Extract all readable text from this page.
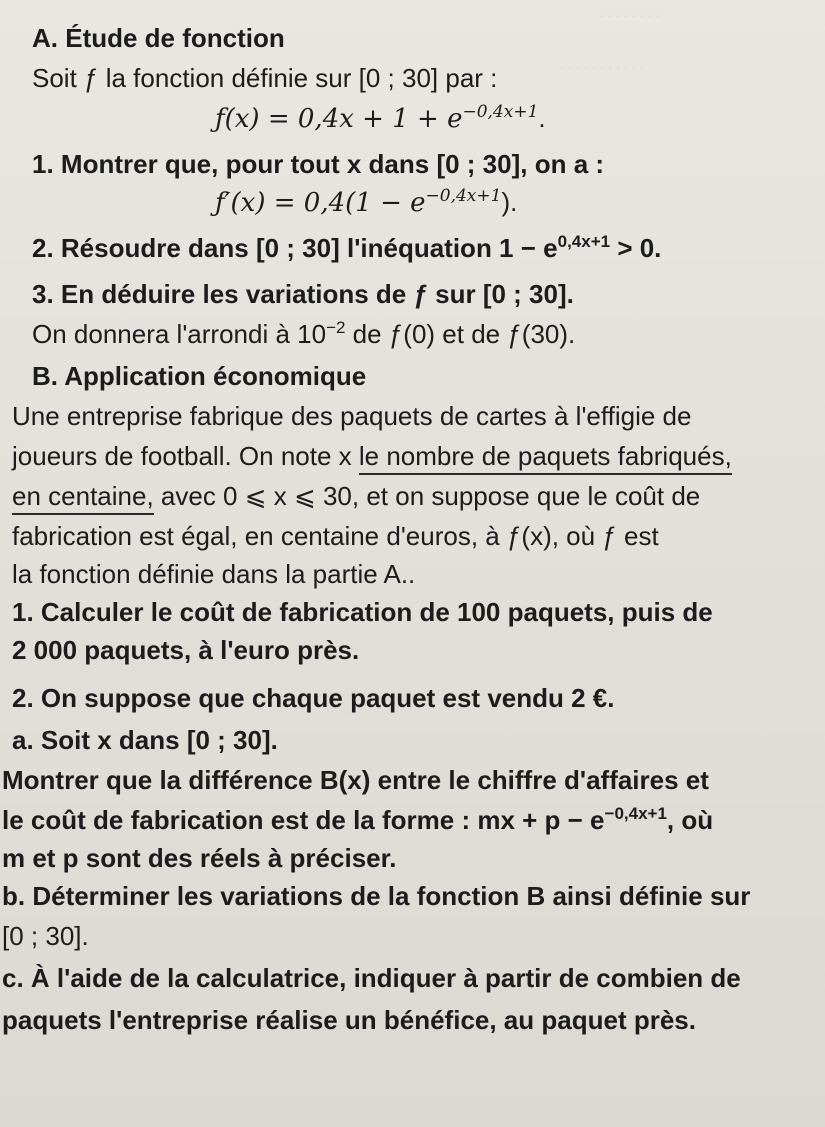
· · · · · · · ·
· · · · · · · · · · ·
A. Étude de fonction
Soit ƒ la fonction définie sur [0 ; 30] par :
ƒ(x) = $0,4x + 1 + e^{-0,4x+1}$.
1. Montrer que, pour tout x dans [0 ; 30], on a :
ƒ′(x) = $0,4(1 - e^{-0,4x+1})$.
2. Résoudre dans [0 ; 30] l'inéquation $1 - e^{0,4x+1} > 0$.
3. En déduire les variations de ƒ sur [0 ; 30].
On donnera l'arrondi à $10^{-2}$ de ƒ(0) et de ƒ(30).
B. Application économique
Une entreprise fabrique des paquets de cartes à l'effigie de
joueurs de football. On note x le nombre de paquets fabriqués,
en centaine, avec 0 ⩽ x ⩽ 30, et on suppose que le coût de
fabrication est égal, en centaine d'euros, à ƒ(x), où ƒ est
la fonction définie dans la partie A..
1. Calculer le coût de fabrication de 100 paquets, puis de
2 000 paquets, à l'euro près.
2. On suppose que chaque paquet est vendu 2 €.
a. Soit x dans [0 ; 30].
Montrer que la différence B(x) entre le chiffre d'affaires et
le coût de fabrication est de la forme : mx + $p - e^{-0,4x+1}$, où
m et p sont des réels à préciser.
b. Déterminer les variations de la fonction B ainsi définie sur
[0 ; 30].
c. À l'aide de la calculatrice, indiquer à partir de combien de
paquets l'entreprise réalise un bénéfice, au paquet près.
